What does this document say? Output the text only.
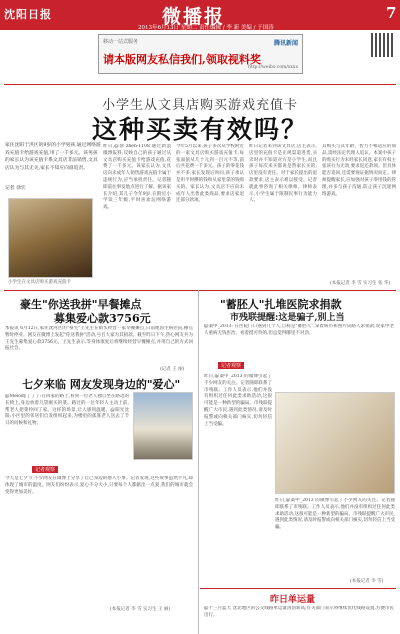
沈阳日报	微播报	7
2013年6月13日 星期二 责任编辑 / 李 新 美编 / 于国涛
移动一站式服务
请本版网友私信我们,领取视料奖
腾讯新闻
http://weibo.com/xxxx
小学生从文具店购买游戏充值卡
这种买卖有效吗？
家住沈阳于洪区的9岁的小学男孩,通过网络游戏充值卡给游戏充值,用了一千多元。该男孩的家长认为该充值卡系文具店非法销售,文具店认为与其无关,家长不知应向谁追责。
记者 徐宏
小学生在文具店购买游戏充值卡
昨日,@徐 zhen-1108 通过新浪微博报料,反映自己的孩子通过从文具店购买充值卡给游戏充值,花费了一千多元。该家长认为,文具店向未成年人销售游戏充值卡属于违规行为,应当承担责任。记者随即前往事发地点进行了解。据该家长介绍,其儿子今年9岁,在附近小学读三年级,平时喜欢玩网络游戏。
今年5月以来,孩子多次从学校附近的一家文具店购买游戏充值卡,每张面值从几十元到一百元不等,前后共花费一千多元。孩子的零花钱并不多,家长发现后询问,孩子承认是用平时攒的钱和从家里拿的钱购买的。家长认为,文具店不应向未成年人出售此类商品,要求店家退还部分款项。
昨日记者来到该文具店,店主表示,店里的充值卡是正规渠道进货,买卖时并不知道对方是小学生,而且孩子每次来买都说是替家长买的,店里没有责任。对于家长提出的退款要求,店主表示难以接受。记者就此事咨询了相关律师。律师表示,小学生属于限制民事行为能力人。
其购买与其年龄、智力不相适应的商品,需经法定代理人追认。本案中孩子的购买行为未经家长同意,家长有权主张该行为无效,要求返还款项。但具体能否追回,还需要视证据情况而定。律师提醒家长,应加强对孩子零用钱的管理,并多与孩子沟通,防止孩子沉迷网络游戏。
(本报记者 李 雪 实习生 张 华)
豪生"你送我拼"早餐摊点
募集爱心款3756元
本报讯 6月12日,家住沈河区的"豪生"王先生在街头经营一家早餐摊点,日前他因生病住院,摊点暂时停业。网友在微博上发起"你送我拼"活动,号召大家为其捐款。截至昨日下午,热心网友共为王先生募集爱心款3756元。王先生表示,等身体康复后将继续经营早餐摊点,并用自己的方式回报社会。
(记者 王 丽)
七夕来临 网友发现身边的"爱心"
@Melody了了了:在回家的路上,看到一位老人独自坐在路边的长椅上,身边放着几袋刚买的菜。路过的一位年轻人主动上前,帮老人把菜拎回了家。这样的场景,让人感到温暖。@阳光沈阳:小区里的邻居们自发组织起来,为楼里的孤寡老人送去了节日的问候和礼物。
记者观察
今天是七夕节,不少网友在微博上分享了自己身边的感人小事。记者发现,这些故事虽然平凡,却体现了城市的温度。网友们纷纷表示,爱心不分大小,只要每个人都献出一点爱,我们的城市就会变得更加美好。
(本报记者 李 雪 实习生 王 丽)
"蓄胚人"扎堆医院求捐款
市残联提醒:这是骗子,别上当
@桑甲_2013: 在医院门口遇到几个人,自称是"蓄胚人",拿着病历和照片向路人求捐款,说家中老人重病无钱医治。看着挺可怜的,但总觉得哪里不对劲。
记者观察
昨日,@桑甲_2013 的微博引起了不少网友的关注。记者随即联系了市残联。工作人员表示,他们并没有组织过任何此类求助活动,这很可能是一种新型的骗局。市残联提醒广大市民,遇到此类情况,请及时报警或向相关部门核实,切勿轻信上当受骗。
昨日,@桑甲_2013 的微博引起了不少网友的关注。记者随即联系了市残联。工作人员表示,他们并没有组织过任何此类求助活动,这很可能是一种新型的骗局。市残联提醒广大市民,遇到此类情况,请及时报警或向相关部门核实,切勿轻信上当受骗。
(本报记者 李 雪)
昨日单运量
@十三月蓝天 沈北地区的公交线路单运量再创新高,有关部门表示将继续优化线路设置,方便市民出行。
